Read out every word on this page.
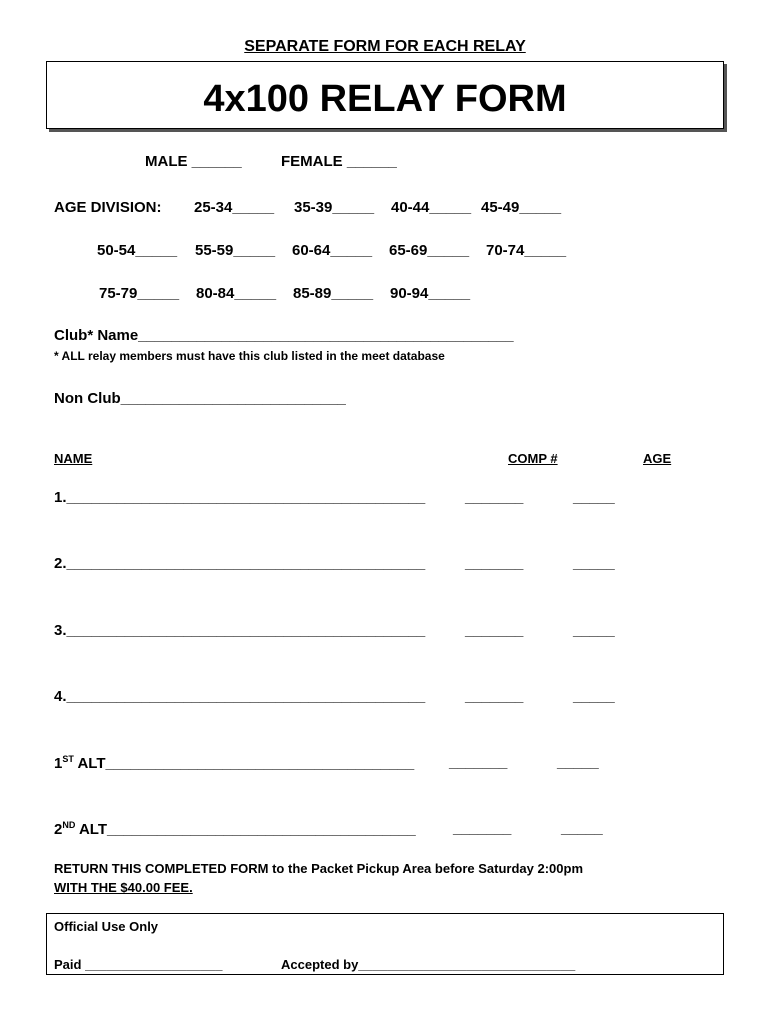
SEPARATE FORM FOR EACH RELAY
4x100 RELAY FORM
MALE ______	FEMALE ______
AGE DIVISION: 25-34_____ 35-39_____ 40-44_____ 45-49_____
50-54_____ 55-59_____ 60-64_____ 65-69_____ 70-74_____
75-79_____ 80-84_____ 85-89_____ 90-94_____
Club* Name_____________________________________________
* ALL relay members must have this club listed in the meet database
Non Club___________________________
NAME	COMP #	AGE
1.___________________________________________	_______	_____
2.___________________________________________	_______	_____
3.___________________________________________	_______	_____
4.___________________________________________	_______	_____
1ST ALT_____________________________________ _______	_____
2ND ALT_____________________________________ _______	_____
RETURN THIS COMPLETED FORM to the Packet Pickup Area before Saturday 2:00pm
WITH THE $40.00 FEE.
Official Use Only
Paid ___________________	Accepted by______________________________
